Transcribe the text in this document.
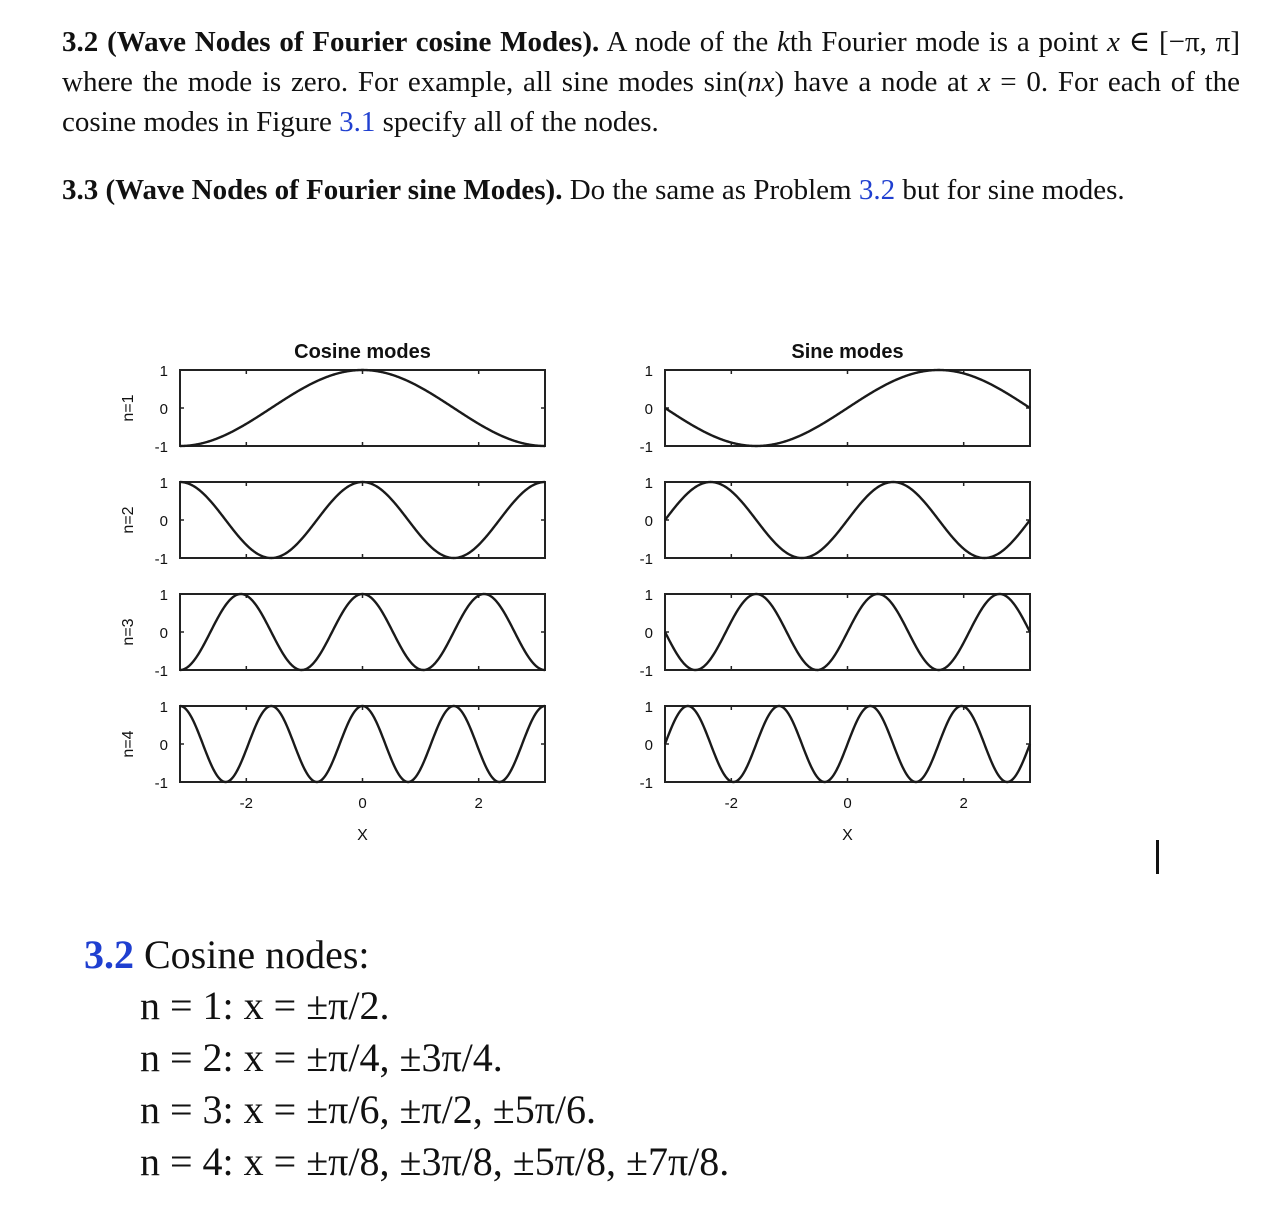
3.2 (Wave Nodes of Fourier cosine Modes). A node of the kth Fourier mode is a point x ∈ [−π, π] where the mode is zero. For example, all sine modes sin(nx) have a node at x = 0. For each of the cosine modes in Figure 3.1 specify all of the nodes.
3.3 (Wave Nodes of Fourier sine Modes). Do the same as Problem 3.2 but for sine modes.
Cosine modes
1
0
-1
n=1
1
0
-1
n=2
1
0
-1
n=3
1
0
-1
n=4
-2	0	2
X
Sine modes
1
0
-1
1
0
-1
1
0
-1
1
0
-1
-2	0	2
X
3.2 Cosine nodes:
n = 1: x = ±π/2.
n = 2: x = ±π/4, ±3π/4.
n = 3: x = ±π/6, ±π/2, ±5π/6.
n = 4: x = ±π/8, ±3π/8, ±5π/8, ±7π/8.
